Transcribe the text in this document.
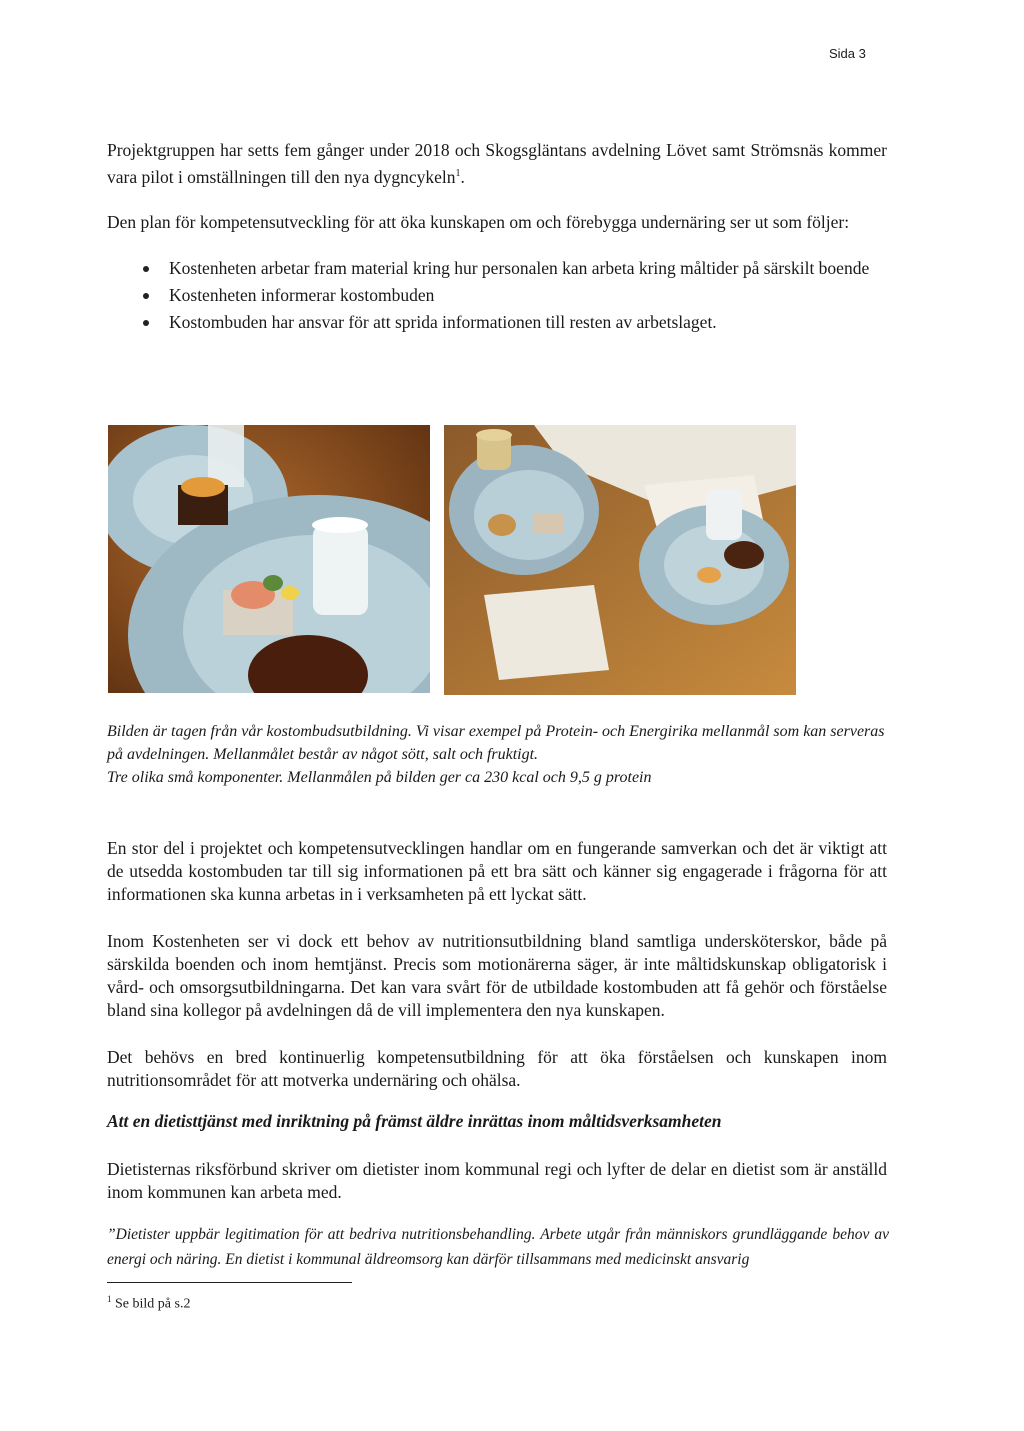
Sida 3
Projektgruppen har setts fem gånger under 2018 och Skogsgläntans avdelning Lövet samt Strömsnäs kommer vara pilot i omställningen till den nya dygncykeln$^1$.
Den plan för kompetensutveckling för att öka kunskapen om och förebygga undernäring ser ut som följer:
Kostenheten arbetar fram material kring hur personalen kan arbeta kring måltider på särskilt boende
Kostenheten informerar kostombuden
Kostombuden har ansvar för att sprida informationen till resten av arbetslaget.
Bilden är tagen från vår kostombudsutbildning. Vi visar exempel på Protein- och Energirika mellanmål som kan serveras på avdelningen. Mellanmålet består av något sött, salt och fruktigt.
Tre olika små komponenter. Mellanmålen på bilden ger ca 230 kcal och 9,5 g protein
En stor del i projektet och kompetensutvecklingen handlar om en fungerande samverkan och det är viktigt att de utsedda kostombuden tar till sig informationen på ett bra sätt och känner sig engagerade i frågorna för att informationen ska kunna arbetas in i verksamheten på ett lyckat sätt.
Inom Kostenheten ser vi dock ett behov av nutritionsutbildning bland samtliga undersköterskor, både på särskilda boenden och inom hemtjänst. Precis som motionärerna säger, är inte måltidskunskap obligatorisk i vård- och omsorgsutbildningarna. Det kan vara svårt för de utbildade kostombuden att få gehör och förståelse bland sina kollegor på avdelningen då de vill implementera den nya kunskapen.
Det behövs en bred kontinuerlig kompetensutbildning för att öka förståelsen och kunskapen inom nutritionsområdet för att motverka undernäring och ohälsa.
Att en dietisttjänst med inriktning på främst äldre inrättas inom måltidsverksamheten
Dietisternas riksförbund skriver om dietister inom kommunal regi och lyfter de delar en dietist som är anställd inom kommunen kan arbeta med.
”Dietister uppbär legitimation för att bedriva nutritionsbehandling. Arbete utgår från människors grundläggande behov av energi och näring. En dietist i kommunal äldreomsorg kan därför tillsammans med medicinskt ansvarig
$^1$ Se bild på s.2
